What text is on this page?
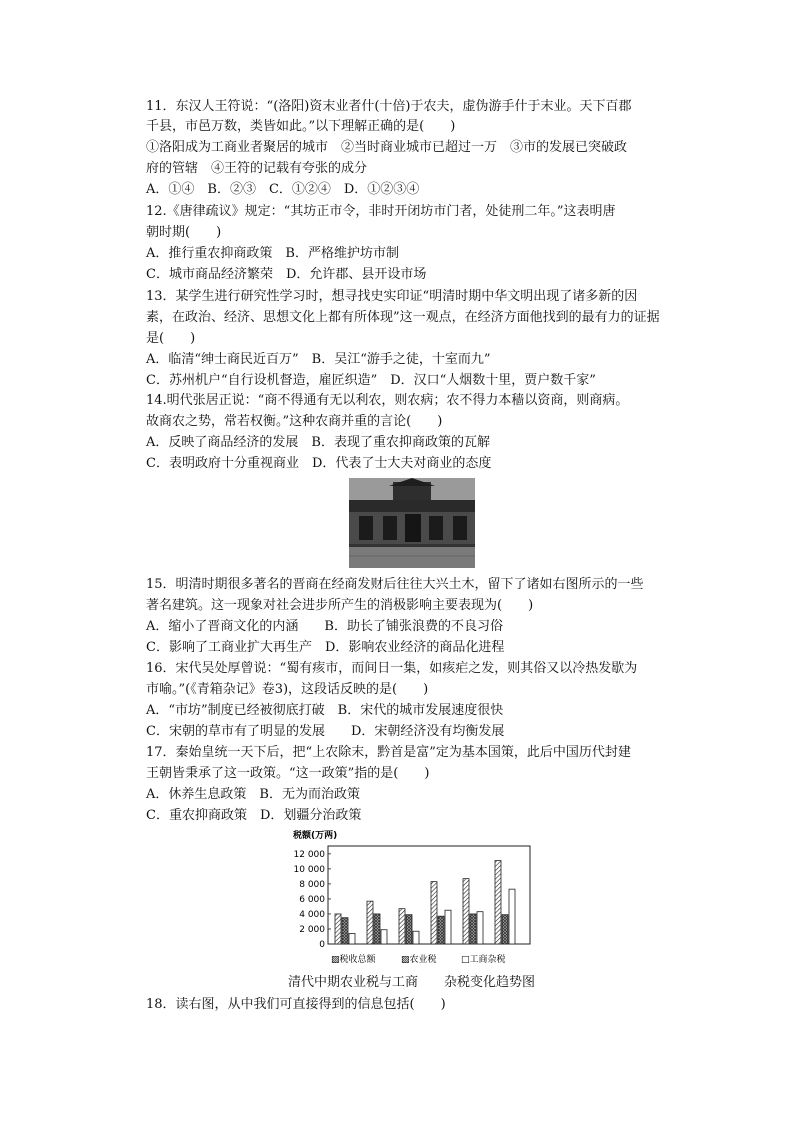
11．东汉人王符说：“(洛阳)资末业者什(十倍)于农夫，虚伪游手什于末业。天下百郡
千县，市邑万数，类皆如此。”以下理解正确的是(　　)
①洛阳成为工商业者聚居的城市　②当时商业城市已超过一万　③市的发展已突破政
府的管辖　④王符的记载有夸张的成分
A．①④　B．②③　C．①②④　D．①②③④
12.《唐律疏议》规定：“其坊正市令，非时开闭坊市门者，处徒刑二年。”这表明唐
朝时期(　　)
A．推行重农抑商政策　B．严格维护坊市制
C．城市商品经济繁荣　D．允许郡、县开设市场
13．某学生进行研究性学习时，想寻找史实印证“明清时期中华文明出现了诸多新的因
素，在政治、经济、思想文化上都有所体现”这一观点，在经济方面他找到的最有力的证据
是(　　)
A．临清“绅士商民近百万”　B．吴江“游手之徒，十室而九”
C．苏州机户“自行设机督造，雇匠织造”　D．汉口“人烟数十里，贾户数千家”
14.明代张居正说：“商不得通有无以利农，则农病；农不得力本穑以资商，则商病。
故商农之势，常若权衡。”这种农商并重的言论(　　)
A．反映了商品经济的发展　B．表现了重农抑商政策的瓦解
C．表明政府十分重视商业　D．代表了士大夫对商业的态度
15．明清时期很多著名的晋商在经商发财后往往大兴土木，留下了诸如右图所示的一些
著名建筑。这一现象对社会进步所产生的消极影响主要表现为(　　)
A．缩小了晋商文化的内涵　　B．助长了铺张浪费的不良习俗
C．影响了工商业扩大再生产　D．影响农业经济的商品化进程
16．宋代吴处厚曾说：“蜀有痎市，而间日一集，如痎疟之发，则其俗又以冷热发歇为
市喻。”(《青箱杂记》卷3)，这段话反映的是(　　)
A．“市坊”制度已经被彻底打破　B．宋代的城市发展速度很快
C．宋朝的草市有了明显的发展　　D．宋朝经济没有均衡发展
17．秦始皇统一天下后，把“上农除末，黔首是富”定为基本国策，此后中国历代封建
王朝皆秉承了这一政策。“这一政策”指的是(　　)
A．休养生息政策　B．无为而治政策
C．重农抑商政策　D．划疆分治政策
税额(万两)
0
2 000
4 000
6 000
8 000
10 000
12 000
▨税收总额	▨农业税	□工商杂税
清代中期农业税与工商　　杂税变化趋势图
18．读右图，从中我们可直接得到的信息包括(　　)
